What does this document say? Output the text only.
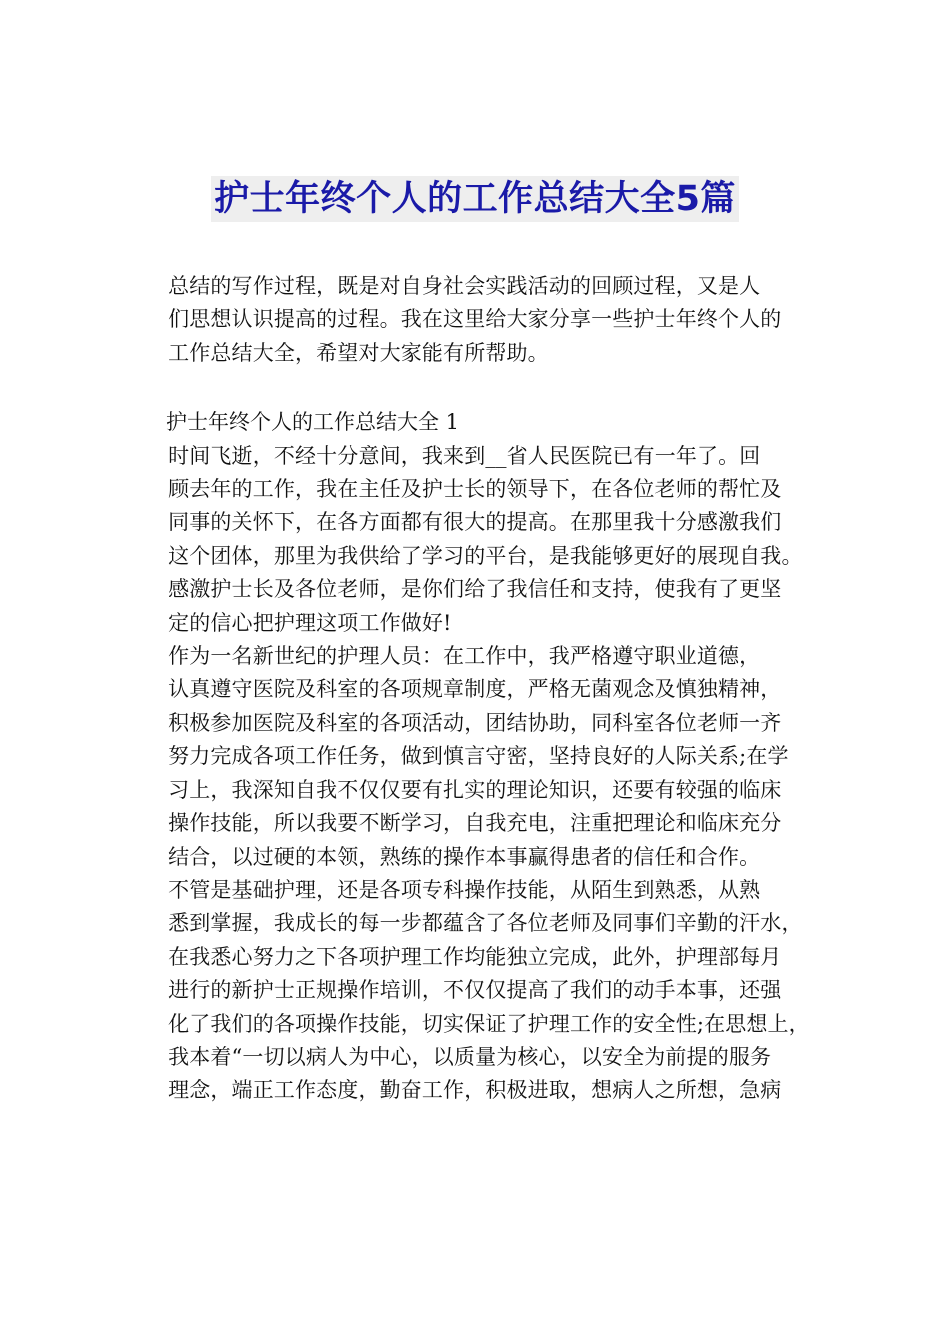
护士年终个人的工作总结大全5篇

总结的写作过程，既是对自身社会实践活动的回顾过程，又是人
们思想认识提高的过程。我在这里给大家分享一些护士年终个人的
工作总结大全，希望对大家能有所帮助。

护士年终个人的工作总结大全 1

时间飞逝，不经十分意间，我来到__省人民医院已有一年了。回
顾去年的工作，我在主任及护士长的领导下，在各位老师的帮忙及
同事的关怀下，在各方面都有很大的提高。在那里我十分感激我们
这个团体，那里为我供给了学习的平台，是我能够更好的展现自我。
感激护士长及各位老师，是你们给了我信任和支持，使我有了更坚
定的信心把护理这项工作做好!

作为一名新世纪的护理人员：在工作中，我严格遵守职业道德，
认真遵守医院及科室的各项规章制度，严格无菌观念及慎独精神，
积极参加医院及科室的各项活动，团结协助，同科室各位老师一齐
努力完成各项工作任务，做到慎言守密，坚持良好的人际关系;在学
习上，我深知自我不仅仅要有扎实的理论知识，还要有较强的临床
操作技能，所以我要不断学习，自我充电，注重把理论和临床充分
结合，以过硬的本领，熟练的操作本事赢得患者的信任和合作。

不管是基础护理，还是各项专科操作技能，从陌生到熟悉，从熟
悉到掌握，我成长的每一步都蕴含了各位老师及同事们辛勤的汗水，
在我悉心努力之下各项护理工作均能独立完成，此外，护理部每月
进行的新护士正规操作培训，不仅仅提高了我们的动手本事，还强
化了我们的各项操作技能，切实保证了护理工作的安全性;在思想上，
我本着“一切以病人为中心，以质量为核心，以安全为前提的服务
理念，端正工作态度，勤奋工作，积极进取，想病人之所想，急病
